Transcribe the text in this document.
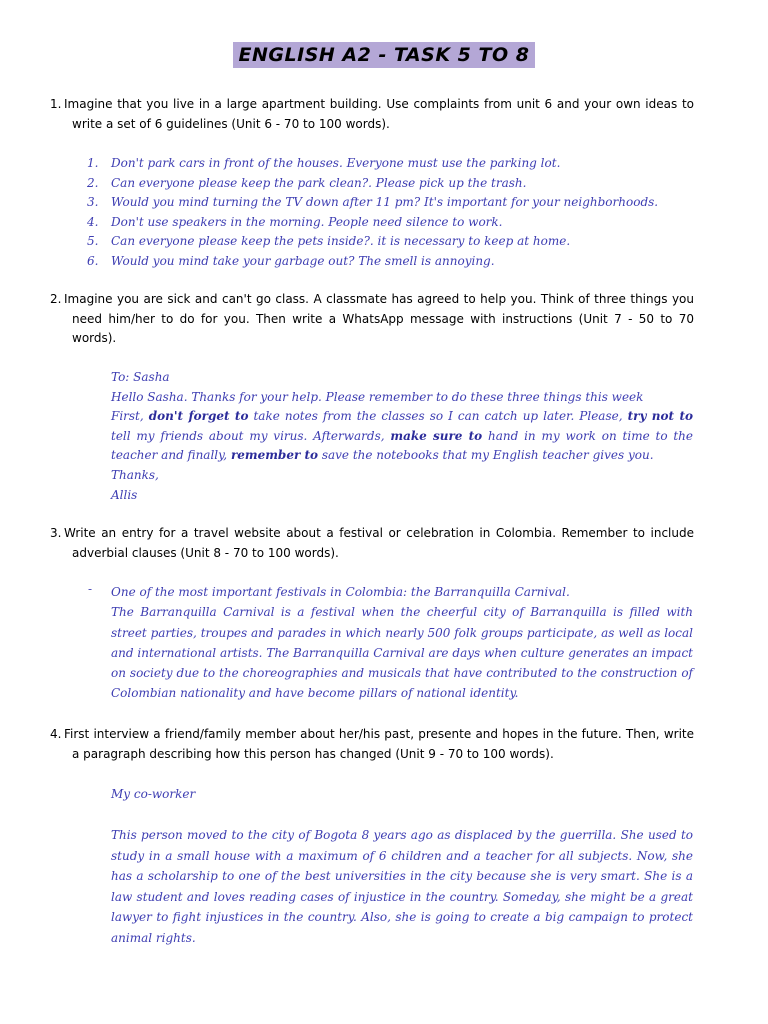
ENGLISH A2 - TASK 5 TO 8
1. Imagine that you live in a large apartment building. Use complaints from unit 6 and your own ideas to write a set of 6 guidelines (Unit 6 - 70 to 100 words).
1. Don't park cars in front of the houses. Everyone must use the parking lot.
2. Can everyone please keep the park clean?. Please pick up the trash.
3. Would you mind turning the TV down after 11 pm? It's important for your neighborhoods.
4. Don't use speakers in the morning. People need silence to work.
5. Can everyone please keep the pets inside?. it is necessary to keep at home.
6. Would you mind take your garbage out? The smell is annoying.
2. Imagine you are sick and can't go class. A classmate has agreed to help you. Think of three things you need him/her to do for you. Then write a WhatsApp message with instructions (Unit 7 - 50 to 70 words).
To: Sasha
Hello Sasha. Thanks for your help. Please remember to do these three things this week
First, don't forget to take notes from the classes so I can catch up later. Please, try not to tell my friends about my virus. Afterwards, make sure to hand in my work on time to the teacher and finally, remember to save the notebooks that my English teacher gives you.
Thanks,
Allis
3. Write an entry for a travel website about a festival or celebration in Colombia. Remember to include adverbial clauses (Unit 8 - 70 to 100 words).
- One of the most important festivals in Colombia: the Barranquilla Carnival.
The Barranquilla Carnival is a festival when the cheerful city of Barranquilla is filled with street parties, troupes and parades in which nearly 500 folk groups participate, as well as local and international artists. The Barranquilla Carnival are days when culture generates an impact on society due to the choreographies and musicals that have contributed to the construction of Colombian nationality and have become pillars of national identity.
4. First interview a friend/family member about her/his past, presente and hopes in the future. Then, write a paragraph describing how this person has changed (Unit 9 - 70 to 100 words).
My co-worker
This person moved to the city of Bogota 8 years ago as displaced by the guerrilla. She used to study in a small house with a maximum of 6 children and a teacher for all subjects. Now, she has a scholarship to one of the best universities in the city because she is very smart. She is a law student and loves reading cases of injustice in the country. Someday, she might be a great lawyer to fight injustices in the country. Also, she is going to create a big campaign to protect animal rights.
